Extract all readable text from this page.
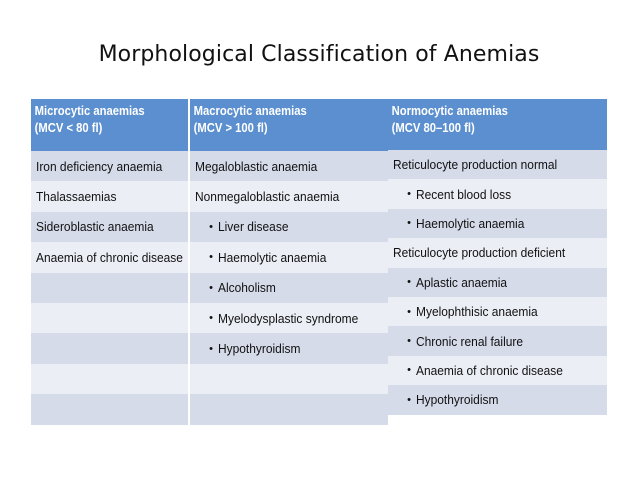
Morphological Classification of Anemias
Microcytic anaemias
(MCV < 80 fl)
Iron deficiency anaemia
Thalassaemias
Sideroblastic anaemia
Anaemia of chronic disease
Macrocytic anaemias
(MCV > 100 fl)
Megaloblastic anaemia
Nonmegaloblastic anaemia
• Liver disease
• Haemolytic anaemia
• Alcoholism
• Myelodysplastic syndrome
• Hypothyroidism
Normocytic anaemias
(MCV 80–100 fl)
Reticulocyte production normal
• Recent blood loss
• Haemolytic anaemia
Reticulocyte production deficient
• Aplastic anaemia
• Myelophthisic anaemia
• Chronic renal failure
• Anaemia of chronic disease
• Hypothyroidism
